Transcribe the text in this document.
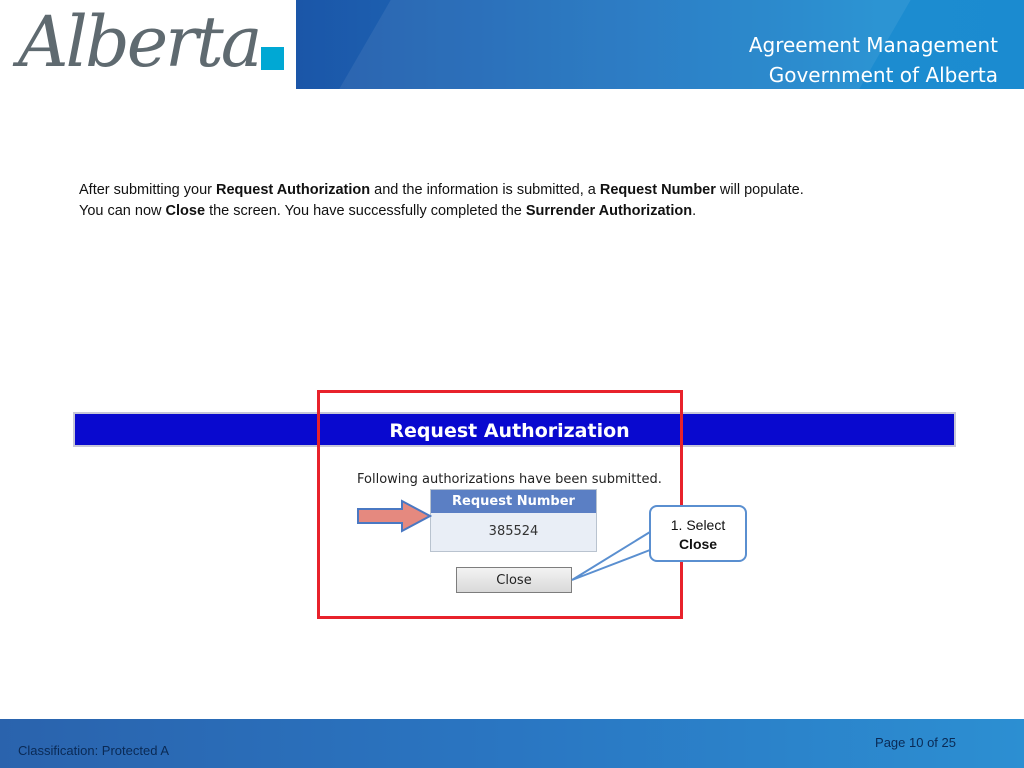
Alberta	Agreement Management
Government of Alberta
After submitting your Request Authorization and the information is submitted, a Request Number will populate.
You can now Close the screen. You have successfully completed the Surrender Authorization.
Request Authorization
Following authorizations have been submitted.
Request Number
385524
Close
1. Select
Close
Classification: Protected A
Page 10 of 25
